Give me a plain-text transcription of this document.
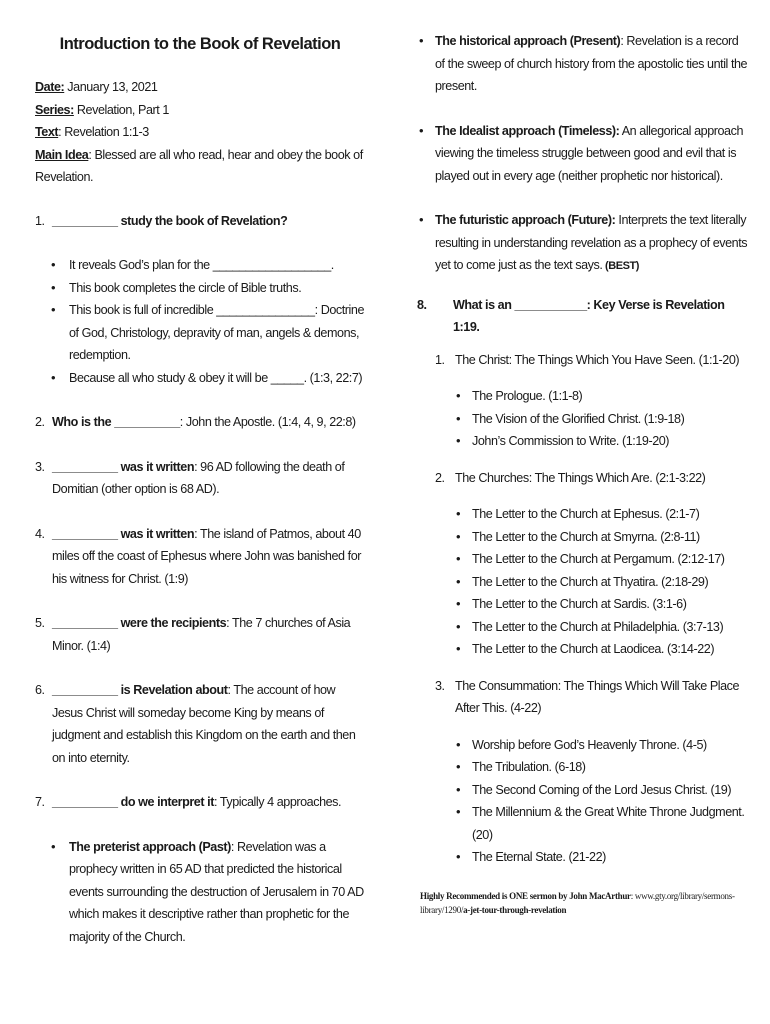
Introduction to the Book of Revelation

Date: January 13, 2021

Series: Revelation, Part 1

Text: Revelation 1:1-3

Main Idea: Blessed are all who read, hear and obey the book of Revelation.

1. __________ study the book of Revelation?
• It reveals God’s plan for the __________________.
• This book completes the circle of Bible truths.
• This book is full of incredible _______________: Doctrine of God, Christology, depravity of man, angels & demons, redemption.
• Because all who study & obey it will be _____. (1:3, 22:7)
2. Who is the __________: John the Apostle. (1:4, 4, 9, 22:8)
3. __________ was it written: 96 AD following the death of Domitian (other option is 68 AD).
4. __________ was it written: The island of Patmos, about 40 miles off the coast of Ephesus where John was banished for his witness for Christ. (1:9)
5. __________ were the recipients: The 7 churches of Asia Minor. (1:4)
6. __________ is Revelation about: The account of how Jesus Christ will someday become King by means of judgment and establish this Kingdom on the earth and then on into eternity.
7. __________ do we interpret it: Typically 4 approaches.
• The preterist approach (Past): Revelation was a prophecy written in 65 AD that predicted the historical events surrounding the destruction of Jerusalem in 70 AD which makes it descriptive rather than prophetic for the majority of the Church.
• The historical approach (Present): Revelation is a record of the sweep of church history from the apostolic ties until the present.
• The Idealist approach (Timeless): An allegorical approach viewing the timeless struggle between good and evil that is played out in every age (neither prophetic nor historical).
• The futuristic approach (Future): Interprets the text literally resulting in understanding revelation as a prophecy of events yet to come just as the text says. (BEST)
8.	What is an ___________: Key Verse is Revelation 1:19.
1. The Christ: The Things Which You Have Seen. (1:1-20)
• The Prologue. (1:1-8)
• The Vision of the Glorified Christ. (1:9-18)
• John’s Commission to Write. (1:19-20)
2. The Churches: The Things Which Are. (2:1-3:22)
• The Letter to the Church at Ephesus. (2:1-7)
• The Letter to the Church at Smyrna. (2:8-11)
• The Letter to the Church at Pergamum. (2:12-17)
• The Letter to the Church at Thyatira. (2:18-29)
• The Letter to the Church at Sardis. (3:1-6)
• The Letter to the Church at Philadelphia. (3:7-13)
• The Letter to the Church at Laodicea. (3:14-22)
3. The Consummation: The Things Which Will Take Place After This. (4-22)
• Worship before God’s Heavenly Throne. (4-5)
• The Tribulation. (6-18)
• The Second Coming of the Lord Jesus Christ. (19)
• The Millennium & the Great White Throne Judgment. (20)
• The Eternal State. (21-22)
Highly Recommended is ONE sermon by John MacArthur: www.gty.org/library/sermons-library/1290/a-jet-tour-through-revelation
